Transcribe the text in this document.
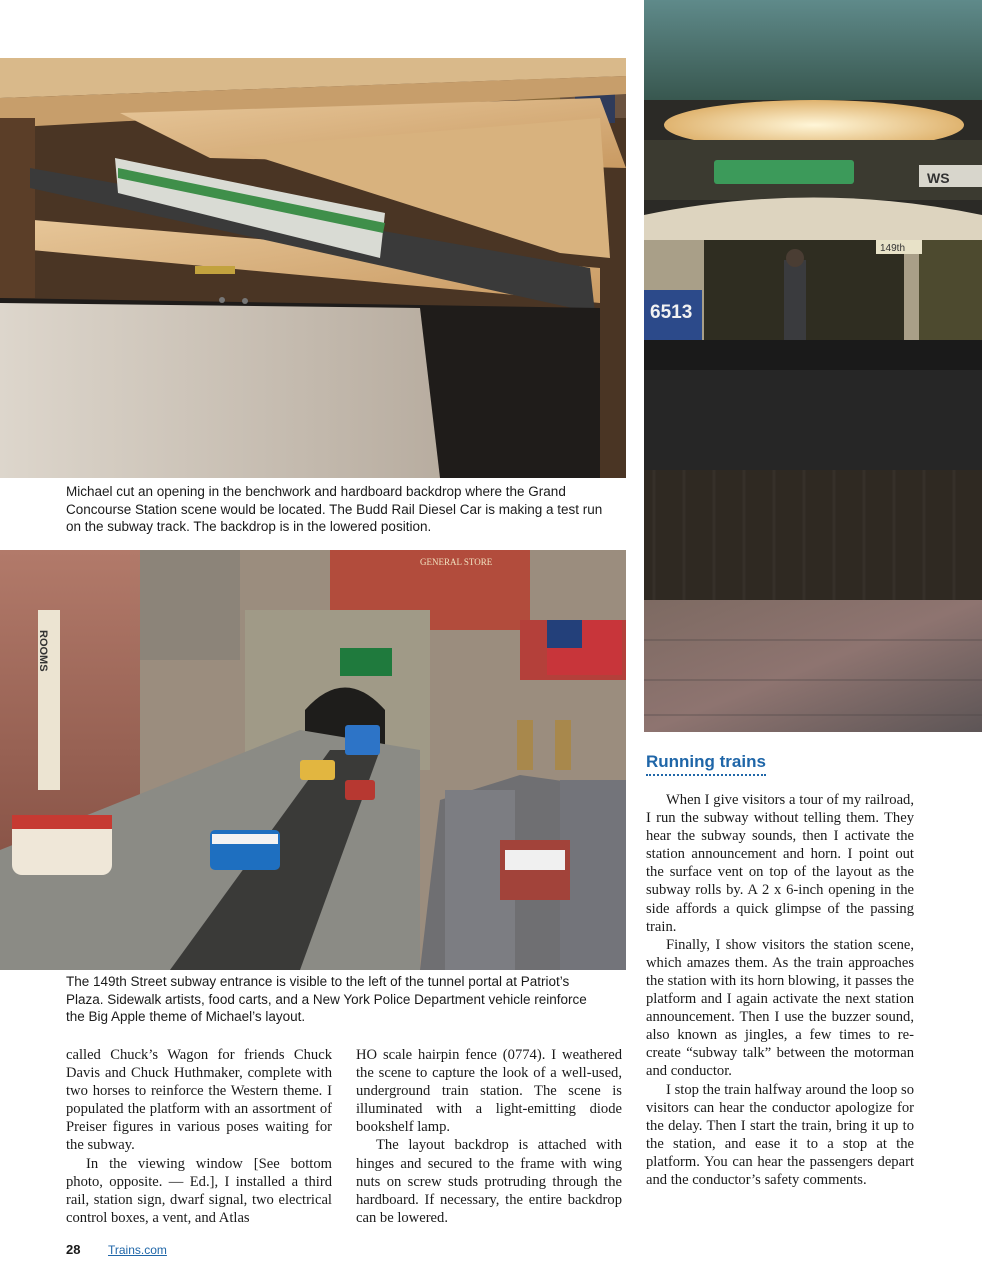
Michael cut an opening in the benchwork and hardboard backdrop where the Grand Concourse Station scene would be located. The Budd Rail Diesel Car is making a test run on the subway track. The backdrop is in the lowered position.
WS
6513
149th
ROOMS
GENERAL STORE
The 149th Street subway entrance is visible to the left of the tunnel portal at Patriot’s Plaza. Sidewalk artists, food carts, and a New York Police Department vehicle reinforce the Big Apple theme of Michael’s layout.

called Chuck’s Wagon for friends Chuck Davis and Chuck Huthmaker, complete with two horses to reinforce the Western theme. I populated the platform with an assortment of Preiser figures in various poses waiting for the subway.

In the viewing window [See bottom photo, opposite. — Ed.], I installed a third rail, station sign, dwarf signal, two electrical control boxes, a vent, and Atlas

HO scale hairpin fence (0774). I weathered the scene to capture the look of a well-used, underground train station. The scene is illuminated with a light-emitting diode bookshelf lamp.

The layout backdrop is attached with hinges and secured to the frame with wing nuts on screw studs protruding through the hardboard. If necessary, the entire backdrop can be lowered.

Running trains

When I give visitors a tour of my railroad, I run the subway without telling them. They hear the subway sounds, then I activate the station announcement and horn. I point out the surface vent on top of the layout as the subway rolls by. A 2 x 6-inch opening in the side affords a quick glimpse of the passing train.

Finally, I show visitors the station scene, which amazes them. As the train approaches the station with its horn blowing, it passes the platform and I again activate the next station announcement. Then I use the buzzer sound, also known as jingles, a few times to re-create “subway talk” between the motorman and conductor.

I stop the train halfway around the loop so visitors can hear the conductor apologize for the delay. Then I start the train, bring it up to the station, and ease it to a stop at the platform. You can hear the passengers depart and the conductor’s safety comments.

28 Trains.com
